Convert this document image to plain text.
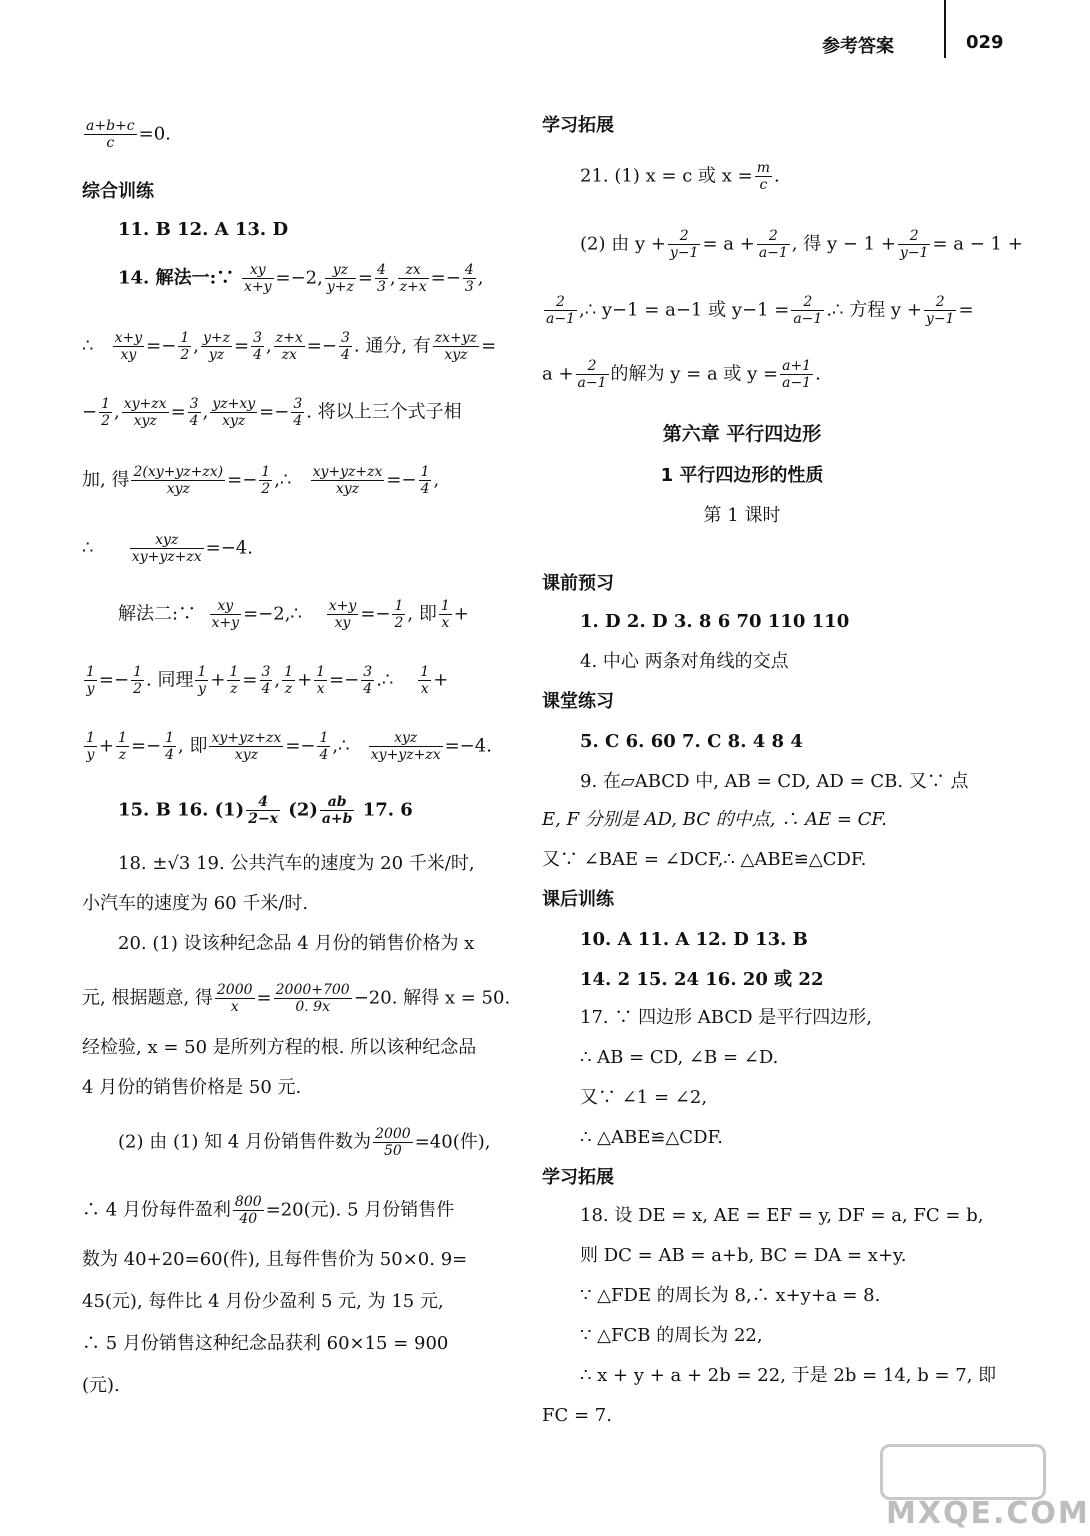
参考答案	029
$\frac{a+b+c}{c} =0$.
综合训练
11. B 12. A 13. D
14. 解法一:∵ $\frac{xy}{x+y} =-2$, $\frac{yz}{y+z} = \frac{4}{3}$ , $\frac{zx}{z+x} =- \frac{4}{3}$ ,
∴ $\frac{x+y}{xy} =- \frac{1}{2}$ , $\frac{y+z}{yz} = \frac{3}{4}$ , $\frac{z+x}{zx} =- \frac{3}{4}$ . 通分, 有 $\frac{zx+yz}{\text{xyz}}$ =
− $\frac{1}{2}$ , $\frac{xy+zx}{\text{xyz}} = \frac{3}{4}$ , $\frac{yz+xy}{\text{xyz}} =- \frac{3}{4}$ . 将以上三个式子相
加, 得 $\frac{2(xy+yz+zx)}{\text{xyz}} =- \frac{1}{2}$ ,∴ $\frac{xy+yz+zx}{\text{xyz}} =- \frac{1}{4}$ ,
∴	$\frac{\text{xyz}}{xy+yz+zx} =-4$.
解法二:∵ $\frac{xy}{x+y}$ =−2,∴ $\frac{x+y}{xy} =- \frac{1}{2}$ , 即 $\frac{1}{x}$ +
$\frac{1}{y} =- \frac{1}{2}$ . 同理 $\frac{1}{y} + \frac{1}{z} = \frac{3}{4}$ , $\frac{1}{z} + \frac{1}{x} =- \frac{3}{4}$ .∴ $\frac{1}{x}$ +
$\frac{1}{y} + \frac{1}{z} =- \frac{1}{4}$ , 即 $\frac{xy+yz+zx}{\text{xyz}} =- \frac{1}{4}$ ,∴ $\frac{\text{xyz}}{xy+yz+zx} =-4$.
15. B 16. $(1) \frac{4}{2-x} (2) \frac{ab}{a+b} 17$. 6
18. ±√3 19. 公共汽车的速度为 20 千米/时,
小汽车的速度为 60 千米/时.
20. (1) 设该种纪念品 4 月份的销售价格为 x
元, 根据题意, 得 $\frac{2000}{x} = \frac{2000+700}{0. 9x} -20$. 解得 x = 50.
经检验, x = 50 是所列方程的根. 所以该种纪念品
4 月份的销售价格是 50 元.
(2) 由 (1) 知 4 月份销售件数为 $\frac{2000}{50} =40$(件),
∴ 4 月份每件盈利 $\frac{800}{40} =20$(元). 5 月份销售件
数为 40+20=60(件), 且每件售价为 50×0. 9=
45(元), 每件比 4 月份少盈利 5 元, 为 15 元,
∴ 5 月份销售这种纪念品获利 60×15 = 900
(元).
学习拓展
21. (1) x = c 或 $x = \frac{m}{c}$ .
(2) 由 $y + \frac{2}{y-1} = a + \frac{2}{a-1}$ , 得 $y - 1 + \frac{2}{y-1} = a - 1$ +
$\frac{2}{a-1}$ ,∴ y−1 = a−1 或 $y-1 = \frac{2}{a-1}$ .∴ 方程 $y + \frac{2}{y-1}$ =
$a + \frac{2}{a-1}$ 的解为 y = a 或 $y = \frac{a+1}{a-1}$ .
第六章 平行四边形
1 平行四边形的性质
第 1 课时
课前预习
1. D 2. D 3. 8 6 70 110 110
4. 中心 两条对角线的交点
课堂练习
5. C 6. 60 7. C 8. 4 8 4
9. 在▱ABCD 中, AB = CD, AD = CB. 又∵ 点
E, F 分别是 AD, BC 的中点, ∴ AE = CF.
又∵ ∠BAE = ∠DCF,∴ △ABE≌△CDF.
课后训练
10. A 11. A 12. D 13. B
14. 2 15. 24 16. 20 或 22
17. ∵ 四边形 ABCD 是平行四边形,
∴ AB = CD, ∠B = ∠D.
又∵ ∠1 = ∠2,
∴ △ABE≌△CDF.
学习拓展
18. 设 DE = x, AE = EF = y, DF = a, FC = b,
则 DC = AB = a+b, BC = DA = x+y.
∵ △FDE 的周长为 8,∴ x+y+a = 8.
∵ △FCB 的周长为 22,
∴ x + y + a + 2b = 22, 于是 2b = 14, b = 7, 即
FC = 7.
MXQE.COM
